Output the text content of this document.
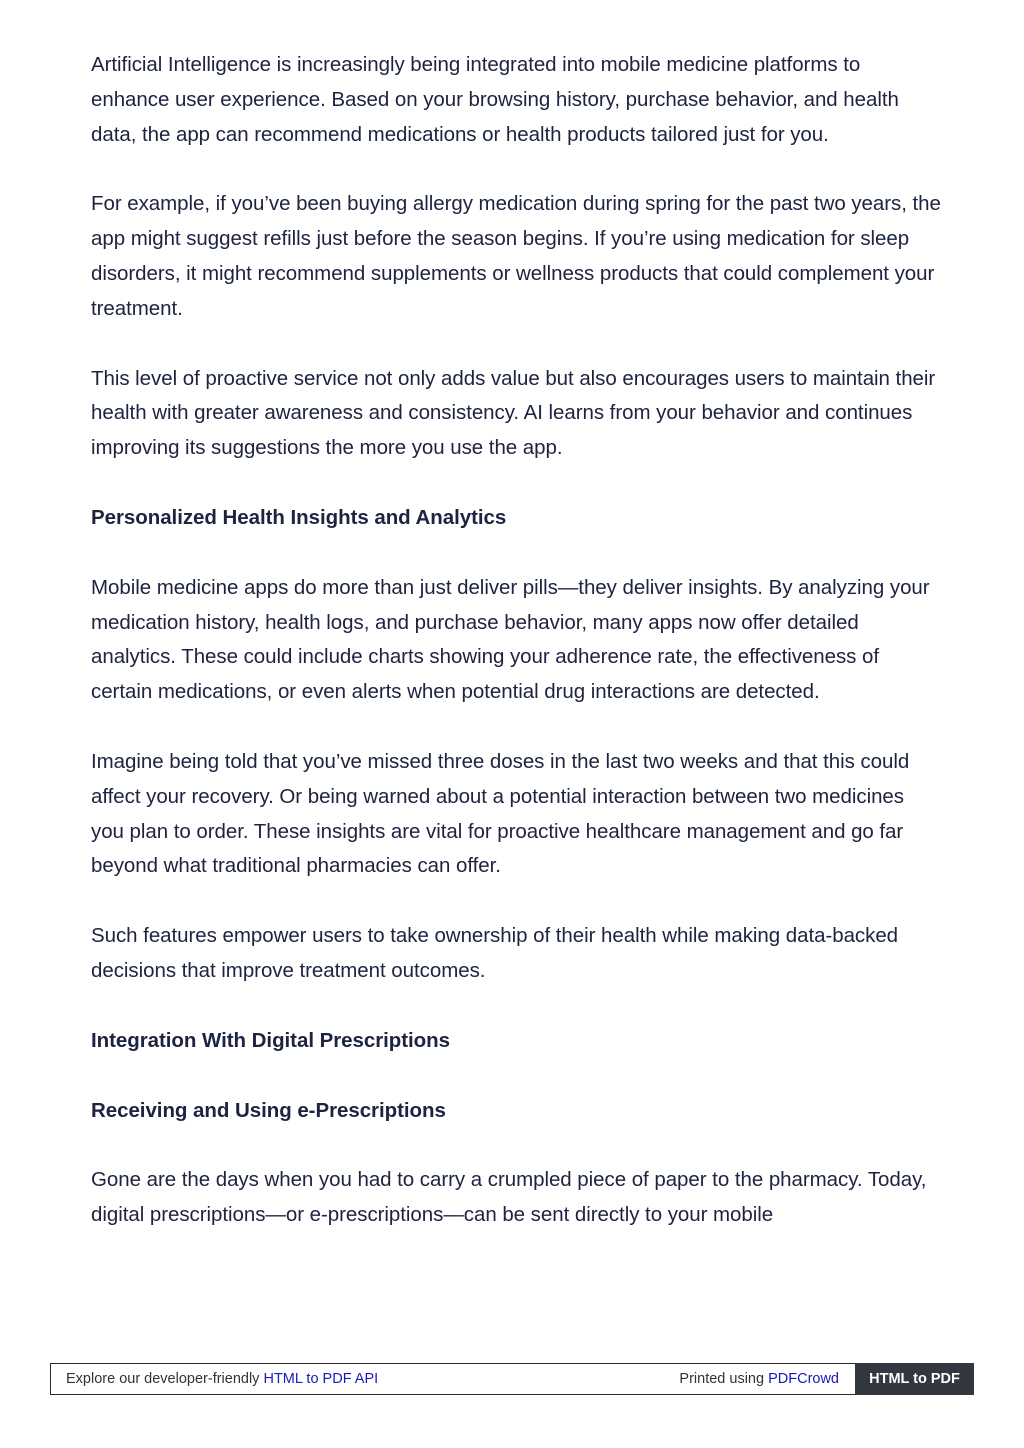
Artificial Intelligence is increasingly being integrated into mobile medicine platforms to enhance user experience. Based on your browsing history, purchase behavior, and health data, the app can recommend medications or health products tailored just for you.

For example, if you’ve been buying allergy medication during spring for the past two years, the app might suggest refills just before the season begins. If you’re using medication for sleep disorders, it might recommend supplements or wellness products that could complement your treatment.

This level of proactive service not only adds value but also encourages users to maintain their health with greater awareness and consistency. AI learns from your behavior and continues improving its suggestions the more you use the app.

Personalized Health Insights and Analytics

Mobile medicine apps do more than just deliver pills—they deliver insights. By analyzing your medication history, health logs, and purchase behavior, many apps now offer detailed analytics. These could include charts showing your adherence rate, the effectiveness of certain medications, or even alerts when potential drug interactions are detected.

Imagine being told that you’ve missed three doses in the last two weeks and that this could affect your recovery. Or being warned about a potential interaction between two medicines you plan to order. These insights are vital for proactive healthcare management and go far beyond what traditional pharmacies can offer.

Such features empower users to take ownership of their health while making data-backed decisions that improve treatment outcomes.

Integration With Digital Prescriptions

Receiving and Using e-Prescriptions

Gone are the days when you had to carry a crumpled piece of paper to the pharmacy. Today, digital prescriptions—or e-prescriptions—can be sent directly to your mobile

Explore our developer-friendly HTML to PDF API	Printed using PDFCrowd	HTML to PDF
